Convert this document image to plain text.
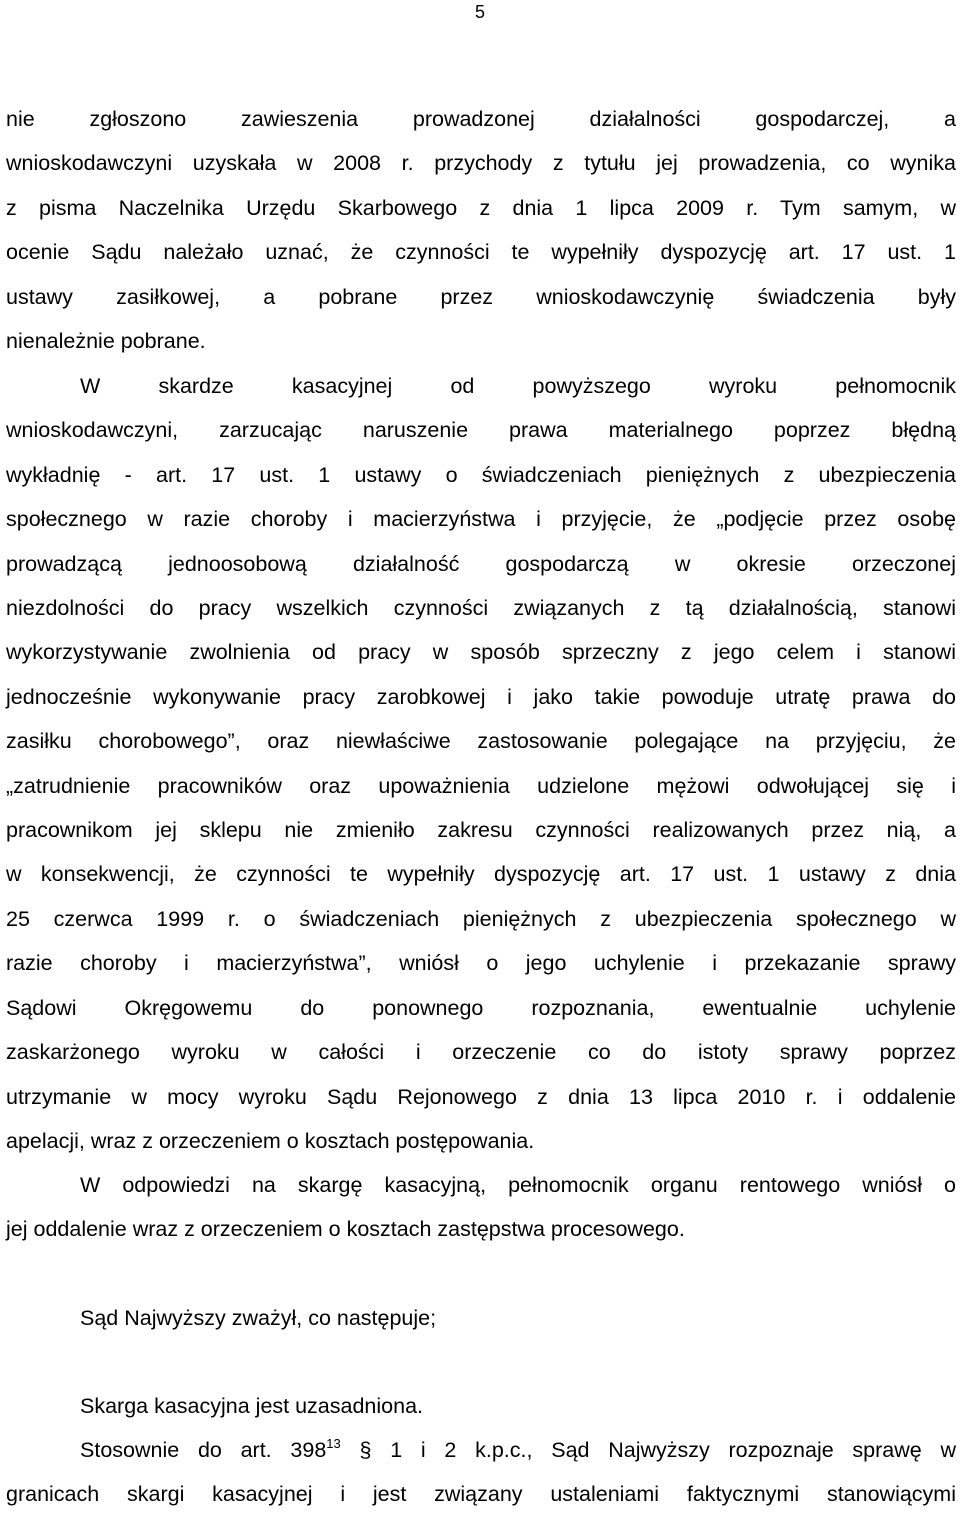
5
nie zgłoszono zawieszenia prowadzonej działalności gospodarczej, a
wnioskodawczyni uzyskała w 2008 r. przychody z tytułu jej prowadzenia, co wynika
z pisma Naczelnika Urzędu Skarbowego z dnia 1 lipca 2009 r. Tym samym, w
ocenie Sądu należało uznać, że czynności te wypełniły dyspozycję art. 17 ust. 1
ustawy zasiłkowej, a pobrane przez wnioskodawczynię świadczenia były
nienależnie pobrane.
W skardze kasacyjnej od powyższego wyroku pełnomocnik
wnioskodawczyni, zarzucając naruszenie prawa materialnego poprzez błędną
wykładnię - art. 17 ust. 1 ustawy o świadczeniach pieniężnych z ubezpieczenia
społecznego w razie choroby i macierzyństwa i przyjęcie, że „podjęcie przez osobę
prowadzącą jednoosobową działalność gospodarczą w okresie orzeczonej
niezdolności do pracy wszelkich czynności związanych z tą działalnością, stanowi
wykorzystywanie zwolnienia od pracy w sposób sprzeczny z jego celem i stanowi
jednocześnie wykonywanie pracy zarobkowej i jako takie powoduje utratę prawa do
zasiłku chorobowego”, oraz niewłaściwe zastosowanie polegające na przyjęciu, że
„zatrudnienie pracowników oraz upoważnienia udzielone mężowi odwołującej się i
pracownikom jej sklepu nie zmieniło zakresu czynności realizowanych przez nią, a
w konsekwencji, że czynności te wypełniły dyspozycję art. 17 ust. 1 ustawy z dnia
25 czerwca 1999 r. o świadczeniach pieniężnych z ubezpieczenia społecznego w
razie choroby i macierzyństwa”, wniósł o jego uchylenie i przekazanie sprawy
Sądowi Okręgowemu do ponownego rozpoznania, ewentualnie uchylenie
zaskarżonego wyroku w całości i orzeczenie co do istoty sprawy poprzez
utrzymanie w mocy wyroku Sądu Rejonowego z dnia 13 lipca 2010 r. i oddalenie
apelacji, wraz z orzeczeniem o kosztach postępowania.
W odpowiedzi na skargę kasacyjną, pełnomocnik organu rentowego wniósł o
jej oddalenie wraz z orzeczeniem o kosztach zastępstwa procesowego.
Sąd Najwyższy zważył, co następuje;
Skarga kasacyjna jest uzasadniona.
Stosownie do art. $398^{13}$ § 1 i 2 k.p.c., Sąd Najwyższy rozpoznaje sprawę w
granicach skargi kasacyjnej i jest związany ustaleniami faktycznymi stanowiącymi
